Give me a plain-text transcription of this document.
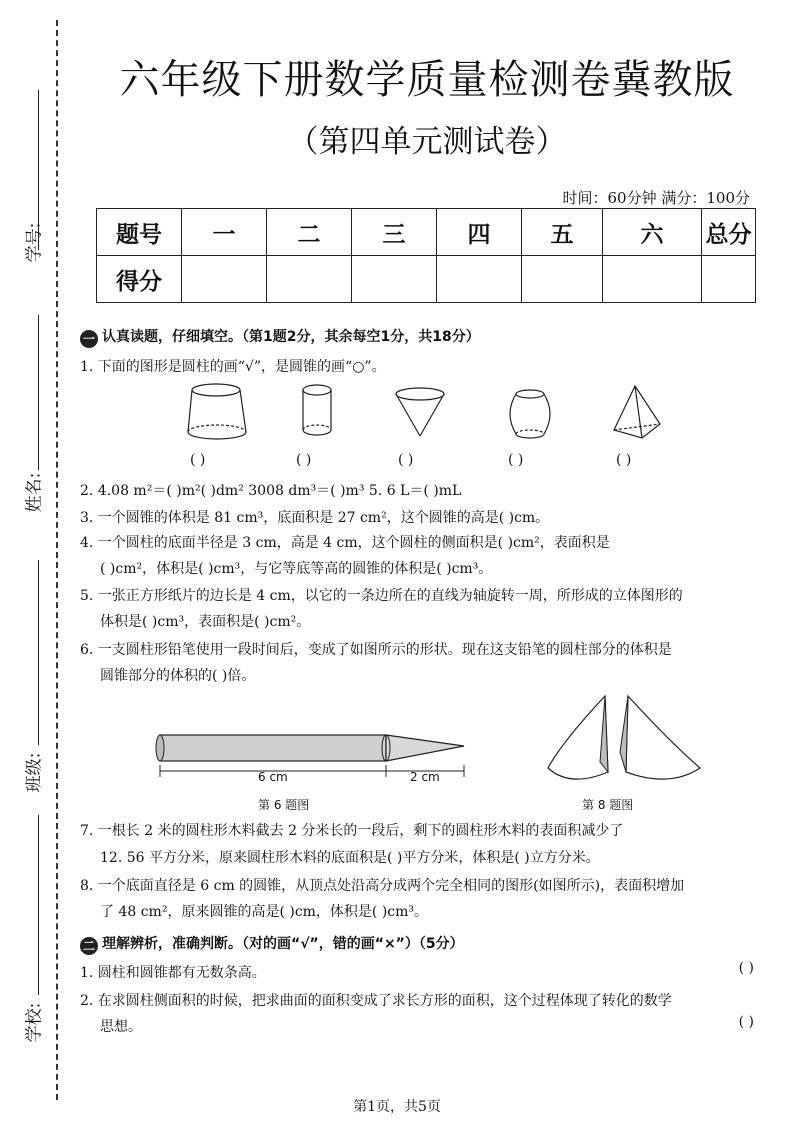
学号:
姓名:
班级:
学校:
六年级下册数学质量检测卷冀教版
（第四单元测试卷）
时间：60分钟 满分：100分
题号	一	二	三	四	五	六	总分
得分							
一 认真读题，仔细填空。（第1题2分，其余每空1分，共18分）
1. 下面的图形是圆柱的画“√”，是圆锥的画“○”。
( )	( )	( )	( )	( )
2. 4.08 m²＝( )m²( )dm² 3008 dm³＝( )m³ 5. 6 L＝( )mL
3. 一个圆锥的体积是 81 cm³，底面积是 27 cm²，这个圆锥的高是( )cm。
4. 一个圆柱的底面半径是 3 cm，高是 4 cm，这个圆柱的侧面积是( )cm²，表面积是
( )cm²，体积是( )cm³，与它等底等高的圆锥的体积是( )cm³。
5. 一张正方形纸片的边长是 4 cm，以它的一条边所在的直线为轴旋转一周，所形成的立体图形的
体积是( )cm³，表面积是( )cm²。
6. 一支圆柱形铅笔使用一段时间后，变成了如图所示的形状。现在这支铅笔的圆柱部分的体积是
圆锥部分的体积的( )倍。
6 cm	2 cm
第 6 题图	第 8 题图
7. 一根长 2 米的圆柱形木料截去 2 分米长的一段后，剩下的圆柱形木料的表面积减少了
12. 56 平方分米，原来圆柱形木料的底面积是( )平方分米，体积是( )立方分米。
8. 一个底面直径是 6 cm 的圆锥，从顶点处沿高分成两个完全相同的图形(如图所示)，表面积增加
了 48 cm²，原来圆锥的高是( )cm，体积是( )cm³。
二 理解辨析，准确判断。（对的画“√”，错的画“×”）（5分）
1. 圆柱和圆锥都有无数条高。	( )
2. 在求圆柱侧面积的时候，把求曲面的面积变成了求长方形的面积，这个过程体现了转化的数学
思想。	( )
第1页，共5页
